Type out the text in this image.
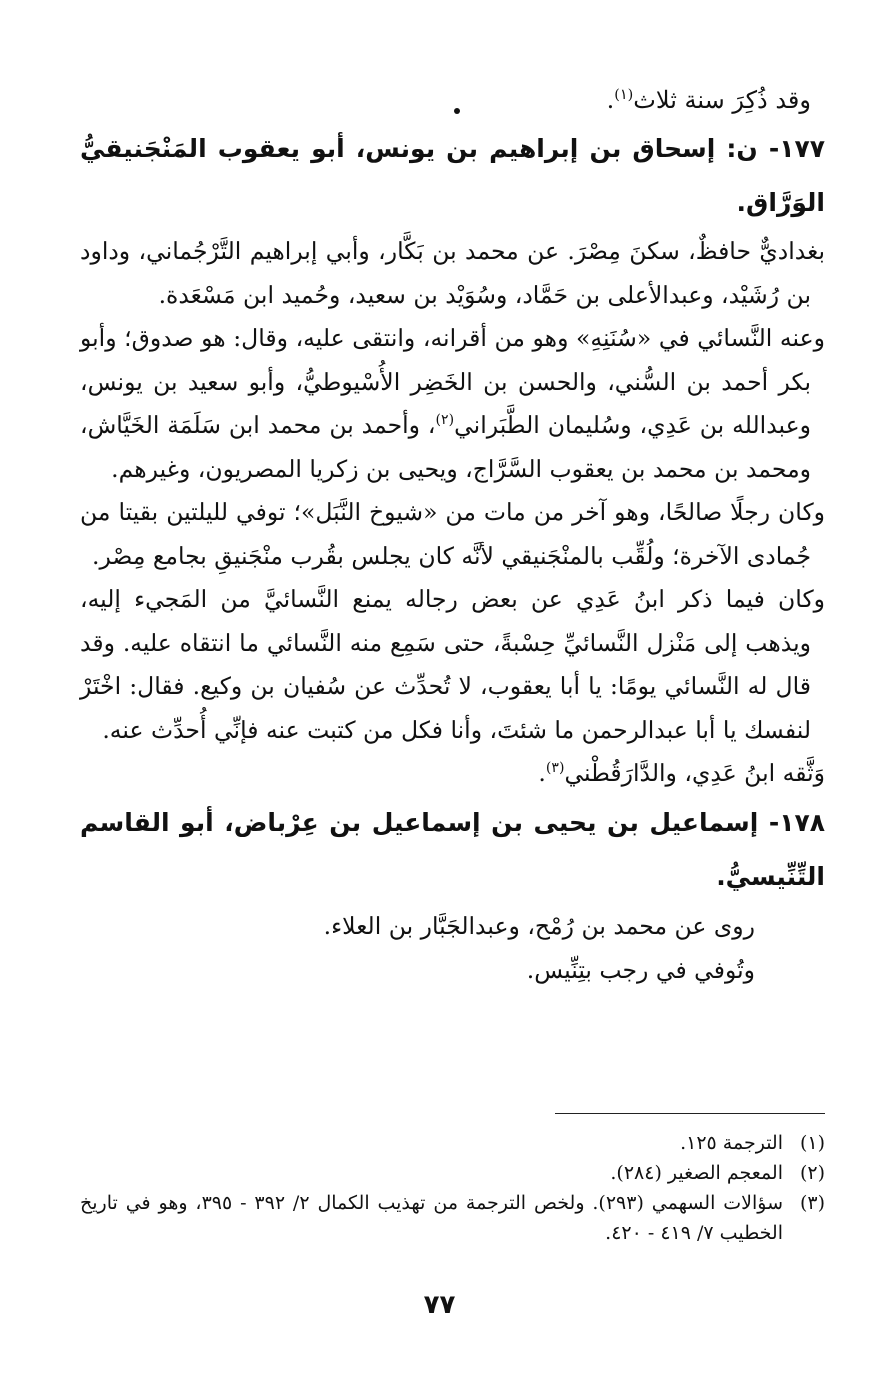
وقد ذُكِرَ سنة ثلاث$^{(١)}$.

١٧٧- ن: إسحاق بن إبراهيم بن يونس، أبو يعقوب المَنْجَنيقيُّ الوَرَّاق.

بغداديٌّ حافظٌ، سكنَ مِصْرَ. عن محمد بن بَكَّار، وأبي إبراهيم التَّرْجُماني، وداود بن رُشَيْد، وعبدالأعلى بن حَمَّاد، وسُوَيْد بن سعيد، وحُميد ابن مَسْعَدة.

وعنه النَّسائي في «سُنَنِهِ» وهو من أقرانه، وانتقى عليه، وقال: هو صدوق؛ وأبو بكر أحمد بن السُّني، والحسن بن الخَضِر الأُسْيوطيُّ، وأبو سعيد بن يونس، وعبدالله بن عَدِي، وسُليمان الطَّبَراني$^{(٢)}$، وأحمد بن محمد ابن سَلَمَة الخَيَّاش، ومحمد بن محمد بن يعقوب السَّرَّاج، ويحيى بن زكريا المصريون، وغيرهم.

وكان رجلًا صالحًا، وهو آخر من مات من «شيوخ النَّبَل»؛ توفي لليلتين بقيتا من جُمادى الآخرة؛ ولُقِّب بالمنْجَنيقي لأنَّه كان يجلس بقُرب منْجَنيقِ بجامع مِصْر.

وكان فيما ذكر ابنُ عَدِي عن بعض رجاله يمنع النَّسائيَّ من المَجيء إليه، ويذهب إلى مَنْزل النَّسائيِّ حِسْبةً، حتى سَمِع منه النَّسائي ما انتقاه عليه. وقد قال له النَّسائي يومًا: يا أبا يعقوب، لا تُحدِّث عن سُفيان بن وكيع. فقال: اخْتَرْ لنفسك يا أبا عبدالرحمن ما شئتَ، وأنا فكل من كتبت عنه فإنِّي أُحدِّث عنه.

وَثَّقه ابنُ عَدِي، والدَّارَقُطْني$^{(٣)}$.

١٧٨- إسماعيل بن يحيى بن إسماعيل بن عِرْباض، أبو القاسم التِّنِّيسيُّ.

روى عن محمد بن رُمْح، وعبدالجَبَّار بن العلاء.

وتُوفي في رجب بتِنِّيس.

(١)
الترجمة ١٢٥.
(٢)
المعجم الصغير (٢٨٤).
(٣)
سؤالات السهمي (٢٩٣). ولخص الترجمة من تهذيب الكمال ٢/ ٣٩٢ - ٣٩٥، وهو في تاريخ الخطيب ٧/ ٤١٩ - ٤٢٠.
٧٧
